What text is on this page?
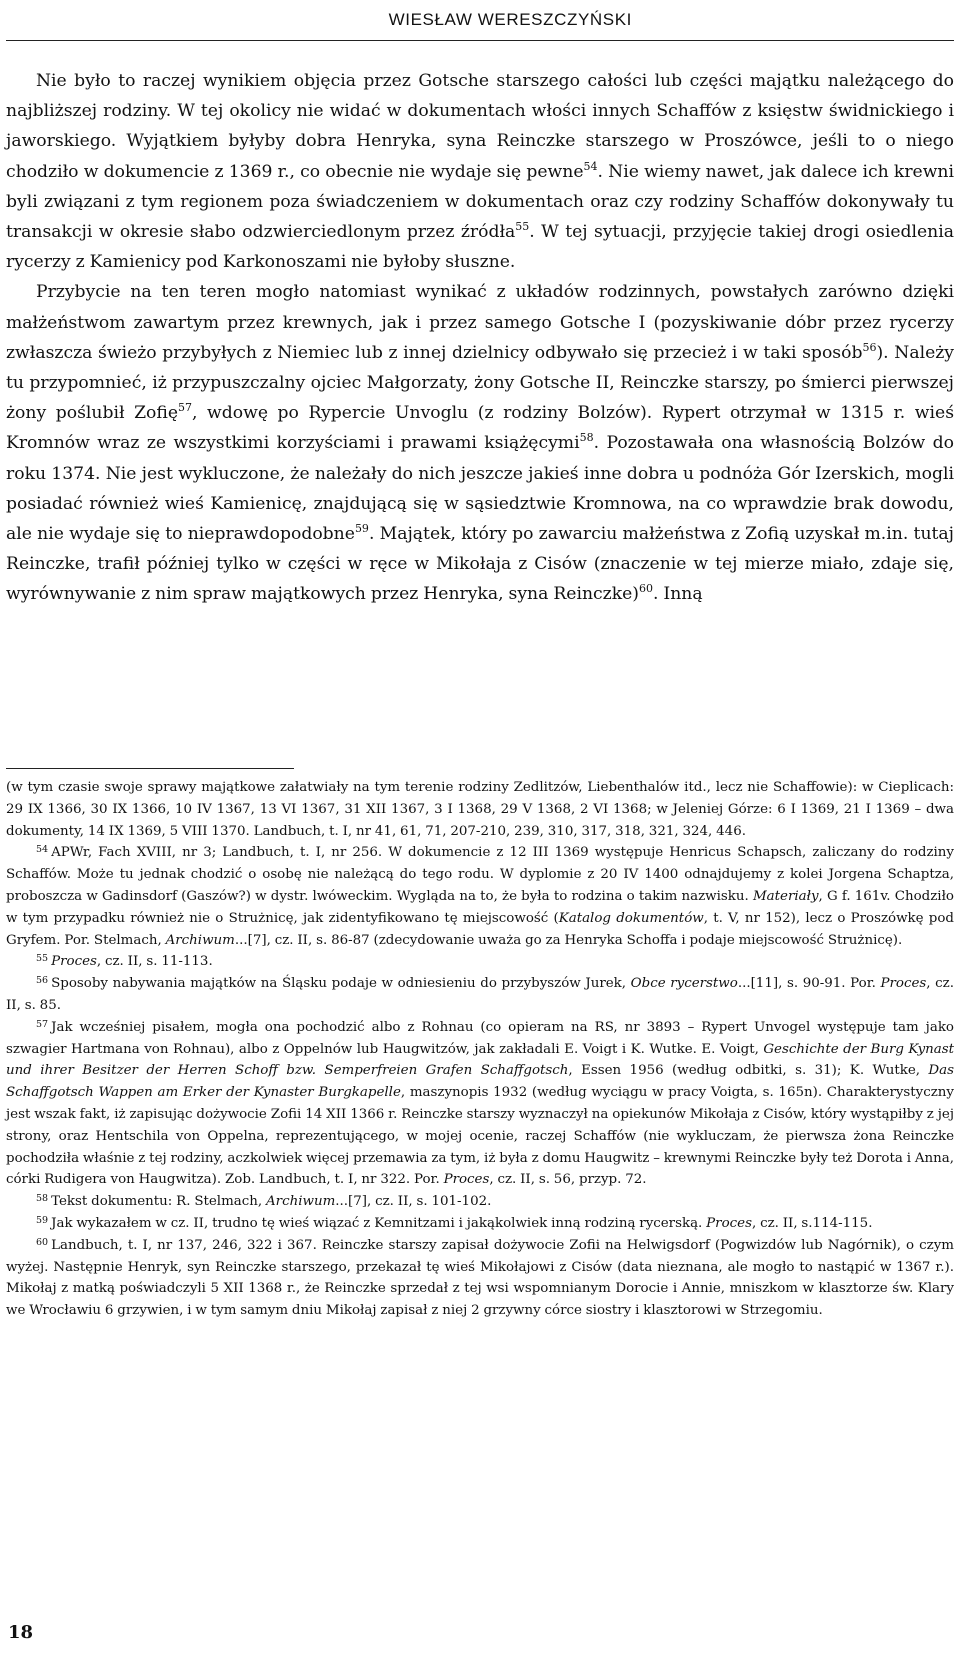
WIESŁAW WERESZCZYŃSKI

Nie było to raczej wynikiem objęcia przez Gotsche starszego całości lub części majątku należącego do najbliższej rodziny. W tej okolicy nie widać w dokumentach włości innych Schaffów z księstw świdnickiego i jaworskiego. Wyjątkiem byłyby dobra Henryka, syna Reinczke starszego w Proszówce, jeśli to o niego chodziło w dokumencie z 1369 r., co obecnie nie wydaje się pewne$^{54}$. Nie wiemy nawet, jak dalece ich krewni byli związani z tym regionem poza świadczeniem w dokumentach oraz czy rodziny Schaffów dokonywały tu transakcji w okresie słabo odzwierciedlonym przez źródła$^{55}$. W tej sytuacji, przyjęcie takiej drogi osiedlenia rycerzy z Kamienicy pod Karkonoszami nie byłoby słuszne.

Przybycie na ten teren mogło natomiast wynikać z układów rodzinnych, powstałych zarówno dzięki małżeństwom zawartym przez krewnych, jak i przez samego Gotsche I (pozyskiwanie dóbr przez rycerzy zwłaszcza świeżo przybyłych z Niemiec lub z innej dzielnicy odbywało się przecież i w taki sposób$^{56}$). Należy tu przypomnieć, iż przypuszczalny ojciec Małgorzaty, żony Gotsche II, Reinczke starszy, po śmierci pierwszej żony poślubił Zofię$^{57}$, wdowę po Rypercie Unvoglu (z rodziny Bolzów). Rypert otrzymał w 1315 r. wieś Kromnów wraz ze wszystkimi korzyściami i prawami książęcymi$^{58}$. Pozostawała ona własnością Bolzów do roku 1374. Nie jest wykluczone, że należały do nich jeszcze jakieś inne dobra u podnóża Gór Izerskich, mogli posiadać również wieś Kamienicę, znajdującą się w sąsiedztwie Kromnowa, na co wprawdzie brak dowodu, ale nie wydaje się to nieprawdopodobne$^{59}$. Majątek, który po zawarciu małżeństwa z Zofią uzyskał m.in. tutaj Reinczke, trafił później tylko w części w ręce w Mikołaja z Cisów (znaczenie w tej mierze miało, zdaje się, wyrównywanie z nim spraw majątkowych przez Henryka, syna Reinczke)$^{60}$. Inną

(w tym czasie swoje sprawy majątkowe załatwiały na tym terenie rodziny Zedlitzów, Liebenthalów itd., lecz nie Schaffowie): w Cieplicach: 29 IX 1366, 30 IX 1366, 10 IV 1367, 13 VI 1367, 31 XII 1367, 3 I 1368, 29 V 1368, 2 VI 1368; w Jeleniej Górze: 6 I 1369, 21 I 1369 – dwa dokumenty, 14 IX 1369, 5 VIII 1370. Landbuch, t. I, nr 41, 61, 71, 207-210, 239, 310, 317, 318, 321, 324, 446.

$^{54}$ APWr, Fach XVIII, nr 3; Landbuch, t. I, nr 256. W dokumencie z 12 III 1369 występuje Henricus Schapsch, zaliczany do rodziny Schaffów. Może tu jednak chodzić o osobę nie należącą do tego rodu. W dyplomie z 20 IV 1400 odnajdujemy z kolei Jorgena Schaptza, proboszcza w Gadinsdorf (Gaszów?) w dystr. lwóweckim. Wygląda na to, że była to rodzina o takim nazwisku. Materiały, G f. 161v. Chodziło w tym przypadku również nie o Strużnicę, jak zidentyfikowano tę miejscowość (Katalog dokumentów, t. V, nr 152), lecz o Proszówkę pod Gryfem. Por. Stelmach, Archiwum...[7], cz. II, s. 86-87 (zdecydowanie uważa go za Henryka Schoffa i podaje miejscowość Strużnicę).

$^{55}$ Proces, cz. II, s. 11-113.

$^{56}$ Sposoby nabywania majątków na Śląsku podaje w odniesieniu do przybyszów Jurek, Obce rycerstwo...[11], s. 90-91. Por. Proces, cz. II, s. 85.

$^{57}$ Jak wcześniej pisałem, mogła ona pochodzić albo z Rohnau (co opieram na RS, nr 3893 – Rypert Unvogel występuje tam jako szwagier Hartmana von Rohnau), albo z Oppelnów lub Haugwitzów, jak zakładali E. Voigt i K. Wutke. E. Voigt, Geschichte der Burg Kynast und ihrer Besitzer der Herren Schoff bzw. Semperfreien Grafen Schaffgotsch, Essen 1956 (według odbitki, s. 31); K. Wutke, Das Schaffgotsch Wappen am Erker der Kynaster Burgkapelle, maszynopis 1932 (według wyciągu w pracy Voigta, s. 165n). Charakterystyczny jest wszak fakt, iż zapisując dożywocie Zofii 14 XII 1366 r. Reinczke starszy wyznaczył na opiekunów Mikołaja z Cisów, który wystąpiłby z jej strony, oraz Hentschila von Oppelna, reprezentującego, w mojej ocenie, raczej Schaffów (nie wykluczam, że pierwsza żona Reinczke pochodziła właśnie z tej rodziny, aczkolwiek więcej przemawia za tym, iż była z domu Haugwitz – krewnymi Reinczke były też Dorota i Anna, córki Rudigera von Haugwitza). Zob. Landbuch, t. I, nr 322. Por. Proces, cz. II, s. 56, przyp. 72.

$^{58}$ Tekst dokumentu: R. Stelmach, Archiwum...[7], cz. II, s. 101-102.

$^{59}$ Jak wykazałem w cz. II, trudno tę wieś wiązać z Kemnitzami i jakąkolwiek inną rodziną rycerską. Proces, cz. II, s.114-115.

$^{60}$ Landbuch, t. I, nr 137, 246, 322 i 367. Reinczke starszy zapisał dożywocie Zofii na Helwigsdorf (Pogwizdów lub Nagórnik), o czym wyżej. Następnie Henryk, syn Reinczke starszego, przekazał tę wieś Mikołajowi z Cisów (data nieznana, ale mogło to nastąpić w 1367 r.). Mikołaj z matką poświadczyli 5 XII 1368 r., że Reinczke sprzedał z tej wsi wspomnianym Dorocie i Annie, mniszkom w klasztorze św. Klary we Wrocławiu 6 grzywien, i w tym samym dniu Mikołaj zapisał z niej 2 grzywny córce siostry i klasztorowi w Strzegomiu.

18
